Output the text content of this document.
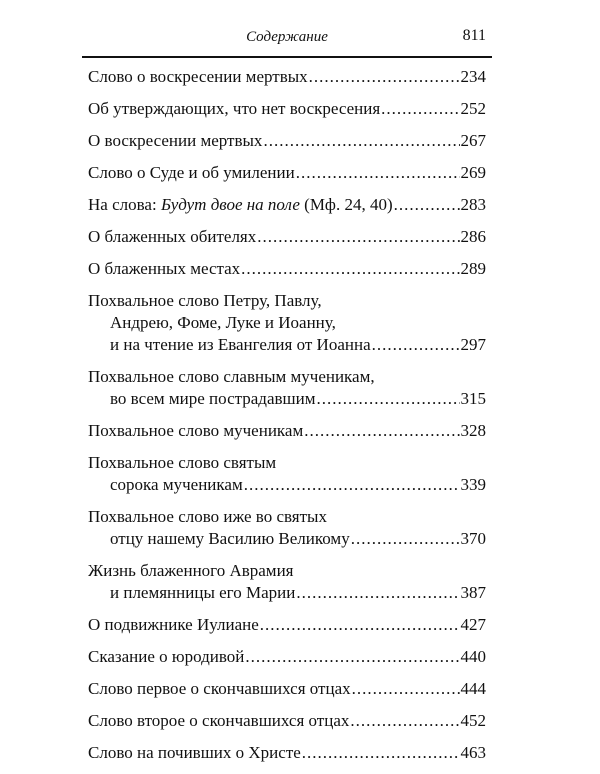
Содержание	811
Слово о воскресении мертвых .....	234
Об утверждающих, что нет воскресения .....	252
О воскресении мертвых .....	267
Слово о Суде и об умилении .....	269
На слова: Будут двое на поле (Мф. 24, 40) .....	283
О блаженных обителях .....	286
О блаженных местах .....	289
Похвальное слово Петру, Павлу,
Андрею, Фоме, Луке и Иоанну,
и на чтение из Евангелия от Иоанна .....	297
Похвальное слово славным мученикам,
во всем мире пострадавшим .....	315
Похвальное слово мученикам .....	328
Похвальное слово святым
сорока мученикам .....	339
Похвальное слово иже во святых
отцу нашему Василию Великому .....	370
Жизнь блаженного Аврамия
и племянницы его Марии .....	387
О подвижнике Иулиане .....	427
Сказание о юродивой .....	440
Слово первое о скончавшихся отцах .....	444
Слово второе о скончавшихся отцах .....	452
Слово на почивших о Христе .....	463
